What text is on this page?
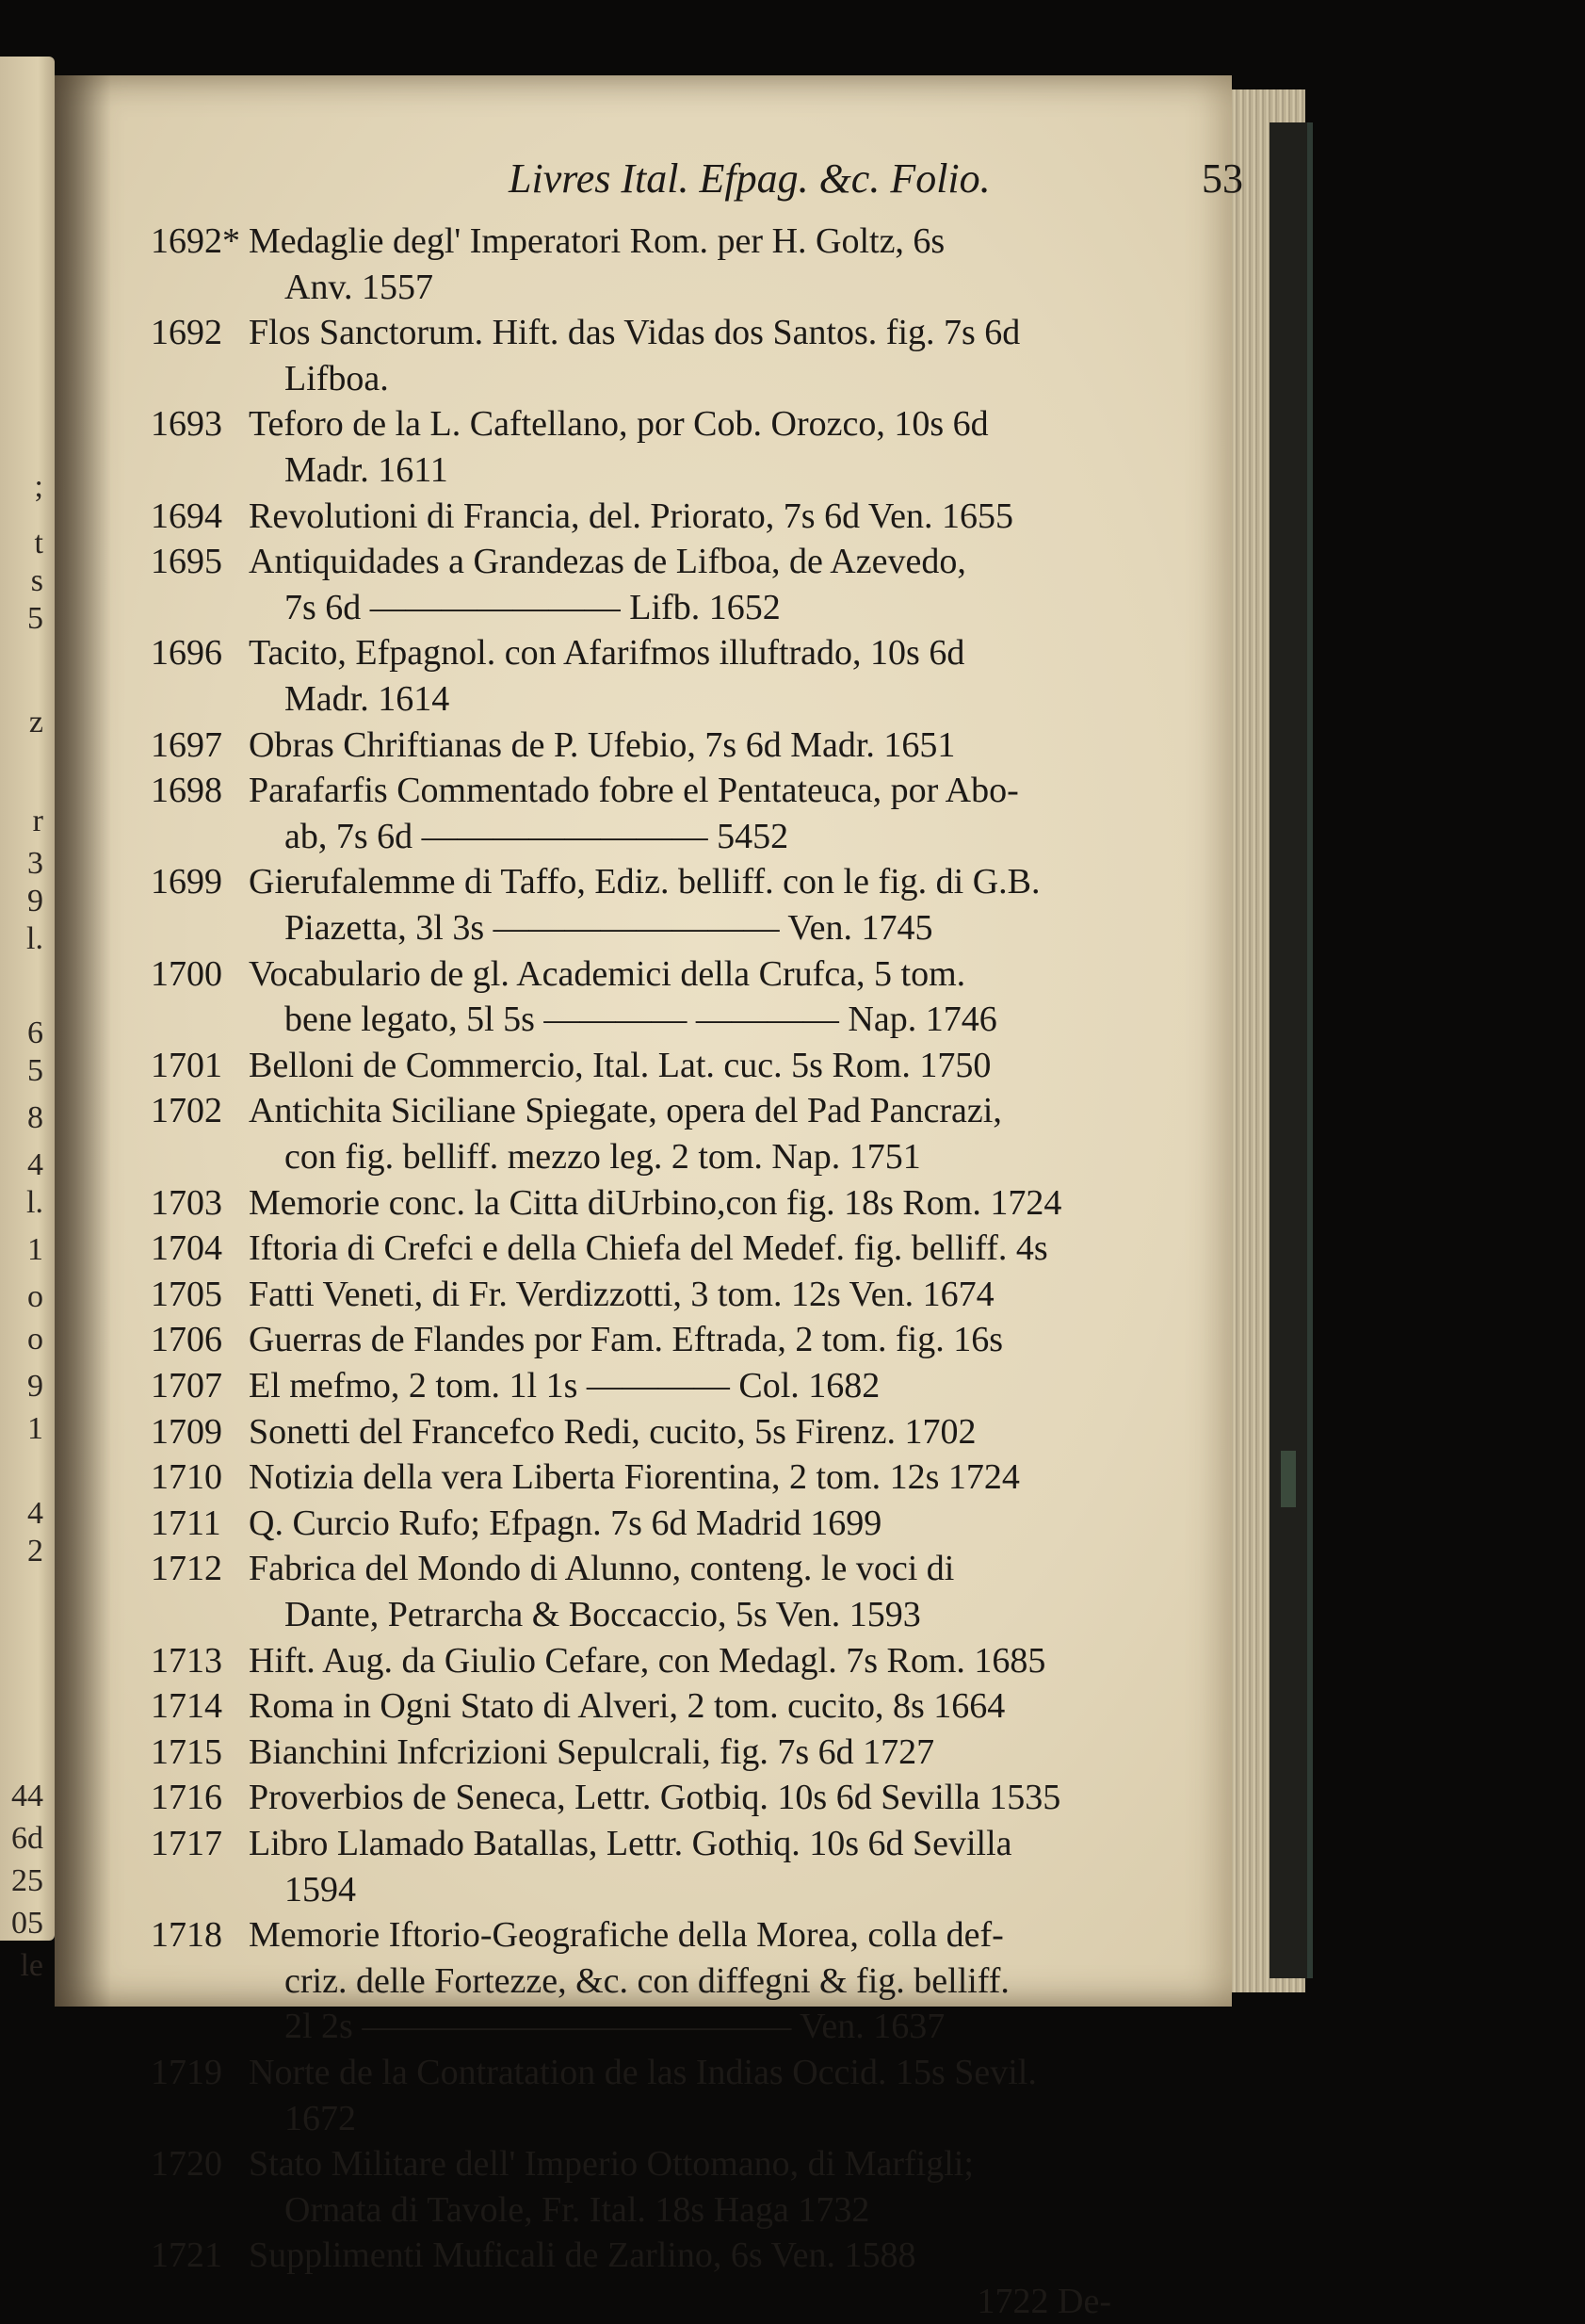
;
t
s
5
z
r
3
9
l.
6
5
8
4
l.
1
o
o
9
1
4
2
44
6d
25
05
le
Livres Ital. Efpag. &c. Folio.	53
1692* Medaglie degl' Imperatori Rom. per H. Goltz, 6s
Anv. 1557
1692 Flos Sanctorum. Hift. das Vidas dos Santos. fig. 7s 6d
Lifboa.
1693 Teforo de la L. Caftellano, por Cob. Orozco, 10s 6d
Madr. 1611
1694 Revolutioni di Francia, del. Priorato, 7s 6d Ven. 1655
1695 Antiquidades a Grandezas de Lifboa, de Azevedo,
7s 6d ——————— Lifb. 1652
1696 Tacito, Efpagnol. con Afarifmos illuftrado, 10s 6d
Madr. 1614
1697 Obras Chriftianas de P. Ufebio, 7s 6d Madr. 1651
1698 Parafarfis Commentado fobre el Pentateuca, por Abo-
ab, 7s 6d ———————— 5452
1699 Gierufalemme di Taffo, Ediz. belliff. con le fig. di G.B.
Piazetta, 3l 3s ———————— Ven. 1745
1700 Vocabulario de gl. Academici della Crufca, 5 tom.
bene legato, 5l 5s ———— ———— Nap. 1746
1701 Belloni de Commercio, Ital. Lat. cuc. 5s Rom. 1750
1702 Antichita Siciliane Spiegate, opera del Pad Pancrazi,
con fig. belliff. mezzo leg. 2 tom. Nap. 1751
1703 Memorie conc. la Citta diUrbino,con fig. 18s Rom. 1724
1704 Iftoria di Crefci e della Chiefa del Medef. fig. belliff. 4s
1705 Fatti Veneti, di Fr. Verdizzotti, 3 tom. 12s Ven. 1674
1706 Guerras de Flandes por Fam. Eftrada, 2 tom. fig. 16s
1707 El mefmo, 2 tom. 1l 1s ———— Col. 1682
1709 Sonetti del Francefco Redi, cucito, 5s Firenz. 1702
1710 Notizia della vera Liberta Fiorentina, 2 tom. 12s 1724
1711 Q. Curcio Rufo; Efpagn. 7s 6d Madrid 1699
1712 Fabrica del Mondo di Alunno, conteng. le voci di
Dante, Petrarcha & Boccaccio, 5s Ven. 1593
1713 Hift. Aug. da Giulio Cefare, con Medagl. 7s Rom. 1685
1714 Roma in Ogni Stato di Alveri, 2 tom. cucito, 8s 1664
1715 Bianchini Infcrizioni Sepulcrali, fig. 7s 6d 1727
1716 Proverbios de Seneca, Lettr. Gotbiq. 10s 6d Sevilla 1535
1717 Libro Llamado Batallas, Lettr. Gothiq. 10s 6d Sevilla
1594
1718 Memorie Iftorio-Geografiche della Morea, colla def-
criz. delle Fortezze, &c. con diffegni & fig. belliff.
2l 2s ———————————— Ven. 1637
1719 Norte de la Contratation de las Indias Occid. 15s Sevil.
1672
1720 Stato Militare dell' Imperio Ottomano, di Marfigli;
Ornata di Tavole, Fr. Ital. 18s Haga 1732
1721 Supplimenti Muficali de Zarlino, 6s Ven. 1588
1722 De-
